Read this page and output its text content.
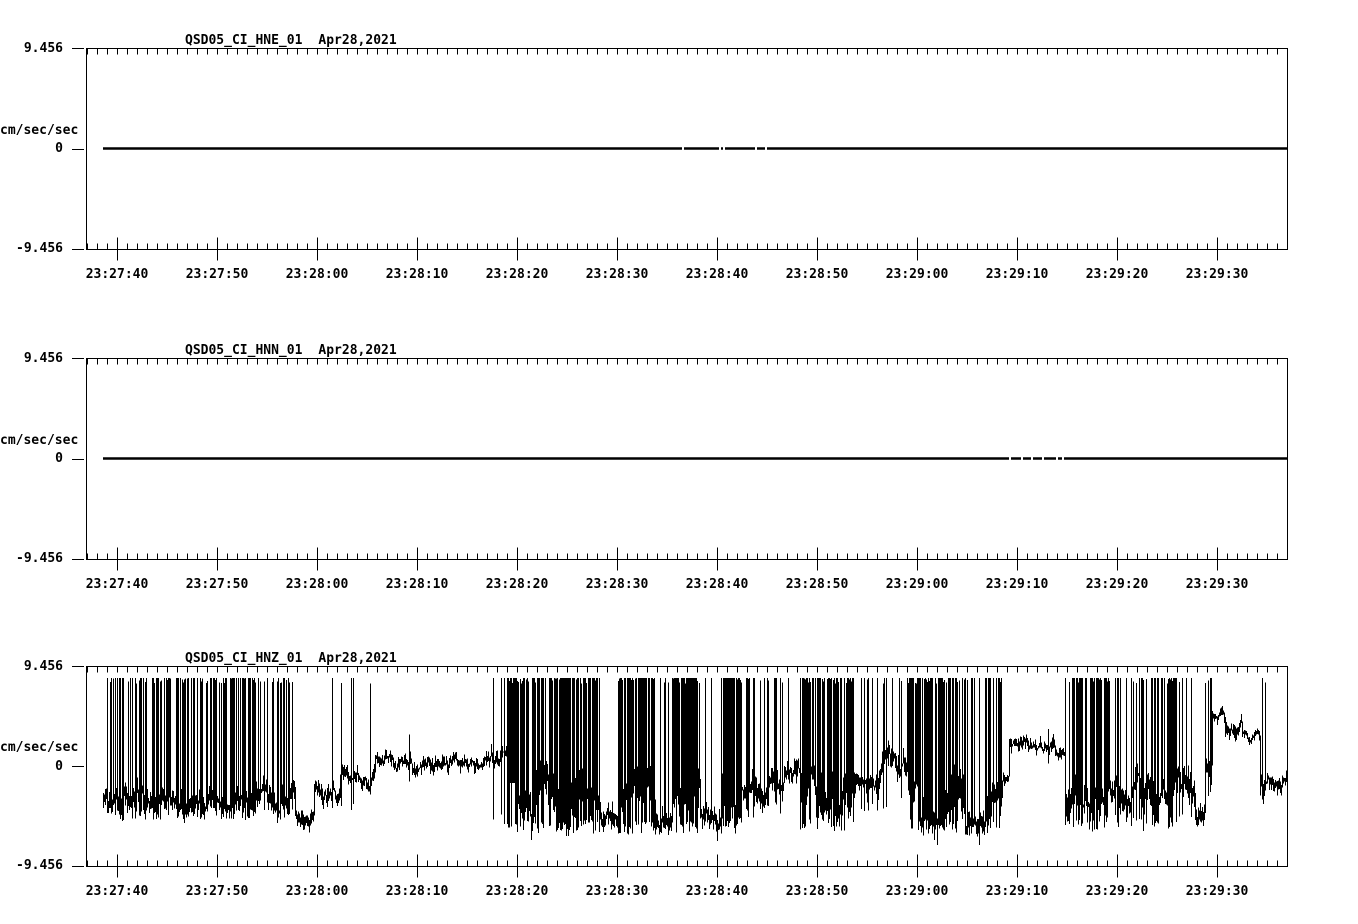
QSD05_CI_HNE_01 Apr28,2021
cm/sec/sec
9.456
0
-9.456
23:27:40	23:27:50	23:28:00	23:28:10	23:28:20	23:28:30	23:28:40	23:28:50	23:29:00	23:29:10	23:29:20	23:29:30
QSD05_CI_HNN_01 Apr28,2021
cm/sec/sec
9.456
0
-9.456
23:27:40	23:27:50	23:28:00	23:28:10	23:28:20	23:28:30	23:28:40	23:28:50	23:29:00	23:29:10	23:29:20	23:29:30
QSD05_CI_HNZ_01 Apr28,2021
cm/sec/sec
9.456
0
-9.456
23:27:40	23:27:50	23:28:00	23:28:10	23:28:20	23:28:30	23:28:40	23:28:50	23:29:00	23:29:10	23:29:20	23:29:30
